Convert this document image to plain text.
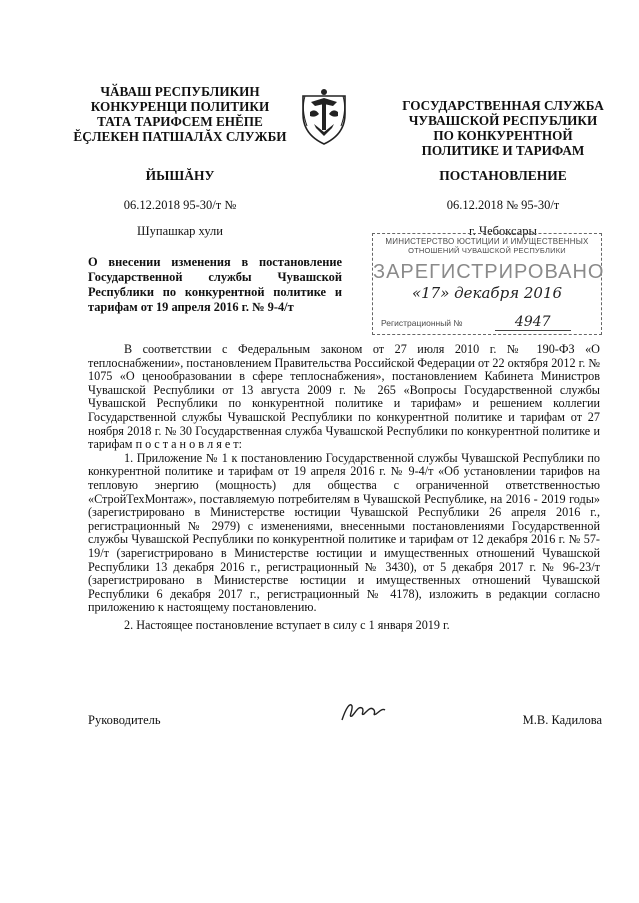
ЧӐВАШ РЕСПУБЛИКИН
КОНКУРЕНЦИ ПОЛИТИКИ
ТАТА ТАРИФСЕМ ЕНĔПЕ
ĔҪЛЕКЕН ПАТШАЛĂХ СЛУЖБИ
ГОСУДАРСТВЕННАЯ СЛУЖБА
ЧУВАШСКОЙ РЕСПУБЛИКИ
ПО КОНКУРЕНТНОЙ
ПОЛИТИКЕ И ТАРИФАМ
ЙЫШĂНУ	ПОСТАНОВЛЕНИЕ
06.12.2018 95-30/т №	06.12.2018 № 95-30/т
Шупашкар хули	г. Чебоксары
О внесении изменения в постановление Государственной службы Чувашской Республики по конкурентной политике и тарифам от 19 апреля 2016 г. № 9-4/т
МИНИСТЕРСТВО ЮСТИЦИИ И ИМУЩЕСТВЕННЫХ
ОТНОШЕНИЙ ЧУВАШСКОЙ РЕСПУБЛИКИ
ЗАРЕГИСТРИРОВАНО
«17» декабря 2016
Регистрационный №	4947

В соответствии с Федеральным законом от 27 июля 2010 г. № 190-ФЗ «О теплоснабжении», постановлением Правительства Российской Федерации от 22 октября 2012 г. № 1075 «О ценообразовании в сфере теплоснабжения», постановлением Кабинета Министров Чувашской Республики от 13 августа 2009 г. № 265 «Вопросы Государственной службы Чувашской Республики по конкурентной политике и тарифам» и решением коллегии Государственной службы Чувашской Республики по конкурентной политике и тарифам от 27 ноября 2018 г. № 30 Государственная служба Чувашской Республики по конкурентной политике и тарифам п о с т а н о в л я е т:

1. Приложение № 1 к постановлению Государственной службы Чувашской Республики по конкурентной политике и тарифам от 19 апреля 2016 г. № 9-4/т «Об установлении тарифов на тепловую энергию (мощность) для общества с ограниченной ответственностью «СтройТехМонтаж», поставляемую потребителям в Чувашской Республике, на 2016 - 2019 годы» (зарегистрировано в Министерстве юстиции Чувашской Республики 26 апреля 2016 г., регистрационный № 2979) с изменениями, внесенными постановлениями Государственной службы Чувашской Республики по конкурентной политике и тарифам от 12 декабря 2016 г. № 57-19/т (зарегистрировано в Министерстве юстиции и имущественных отношений Чувашской Республики 13 декабря 2016 г., регистрационный № 3430), от 5 декабря 2017 г. № 96-23/т (зарегистрировано в Министерстве юстиции и имущественных отношений Чувашской Республики 6 декабря 2017 г., регистрационный № 4178), изложить в редакции согласно приложению к настоящему постановлению.

2. Настоящее постановление вступает в силу с 1 января 2019 г.

Руководитель	М.В. Кадилова
